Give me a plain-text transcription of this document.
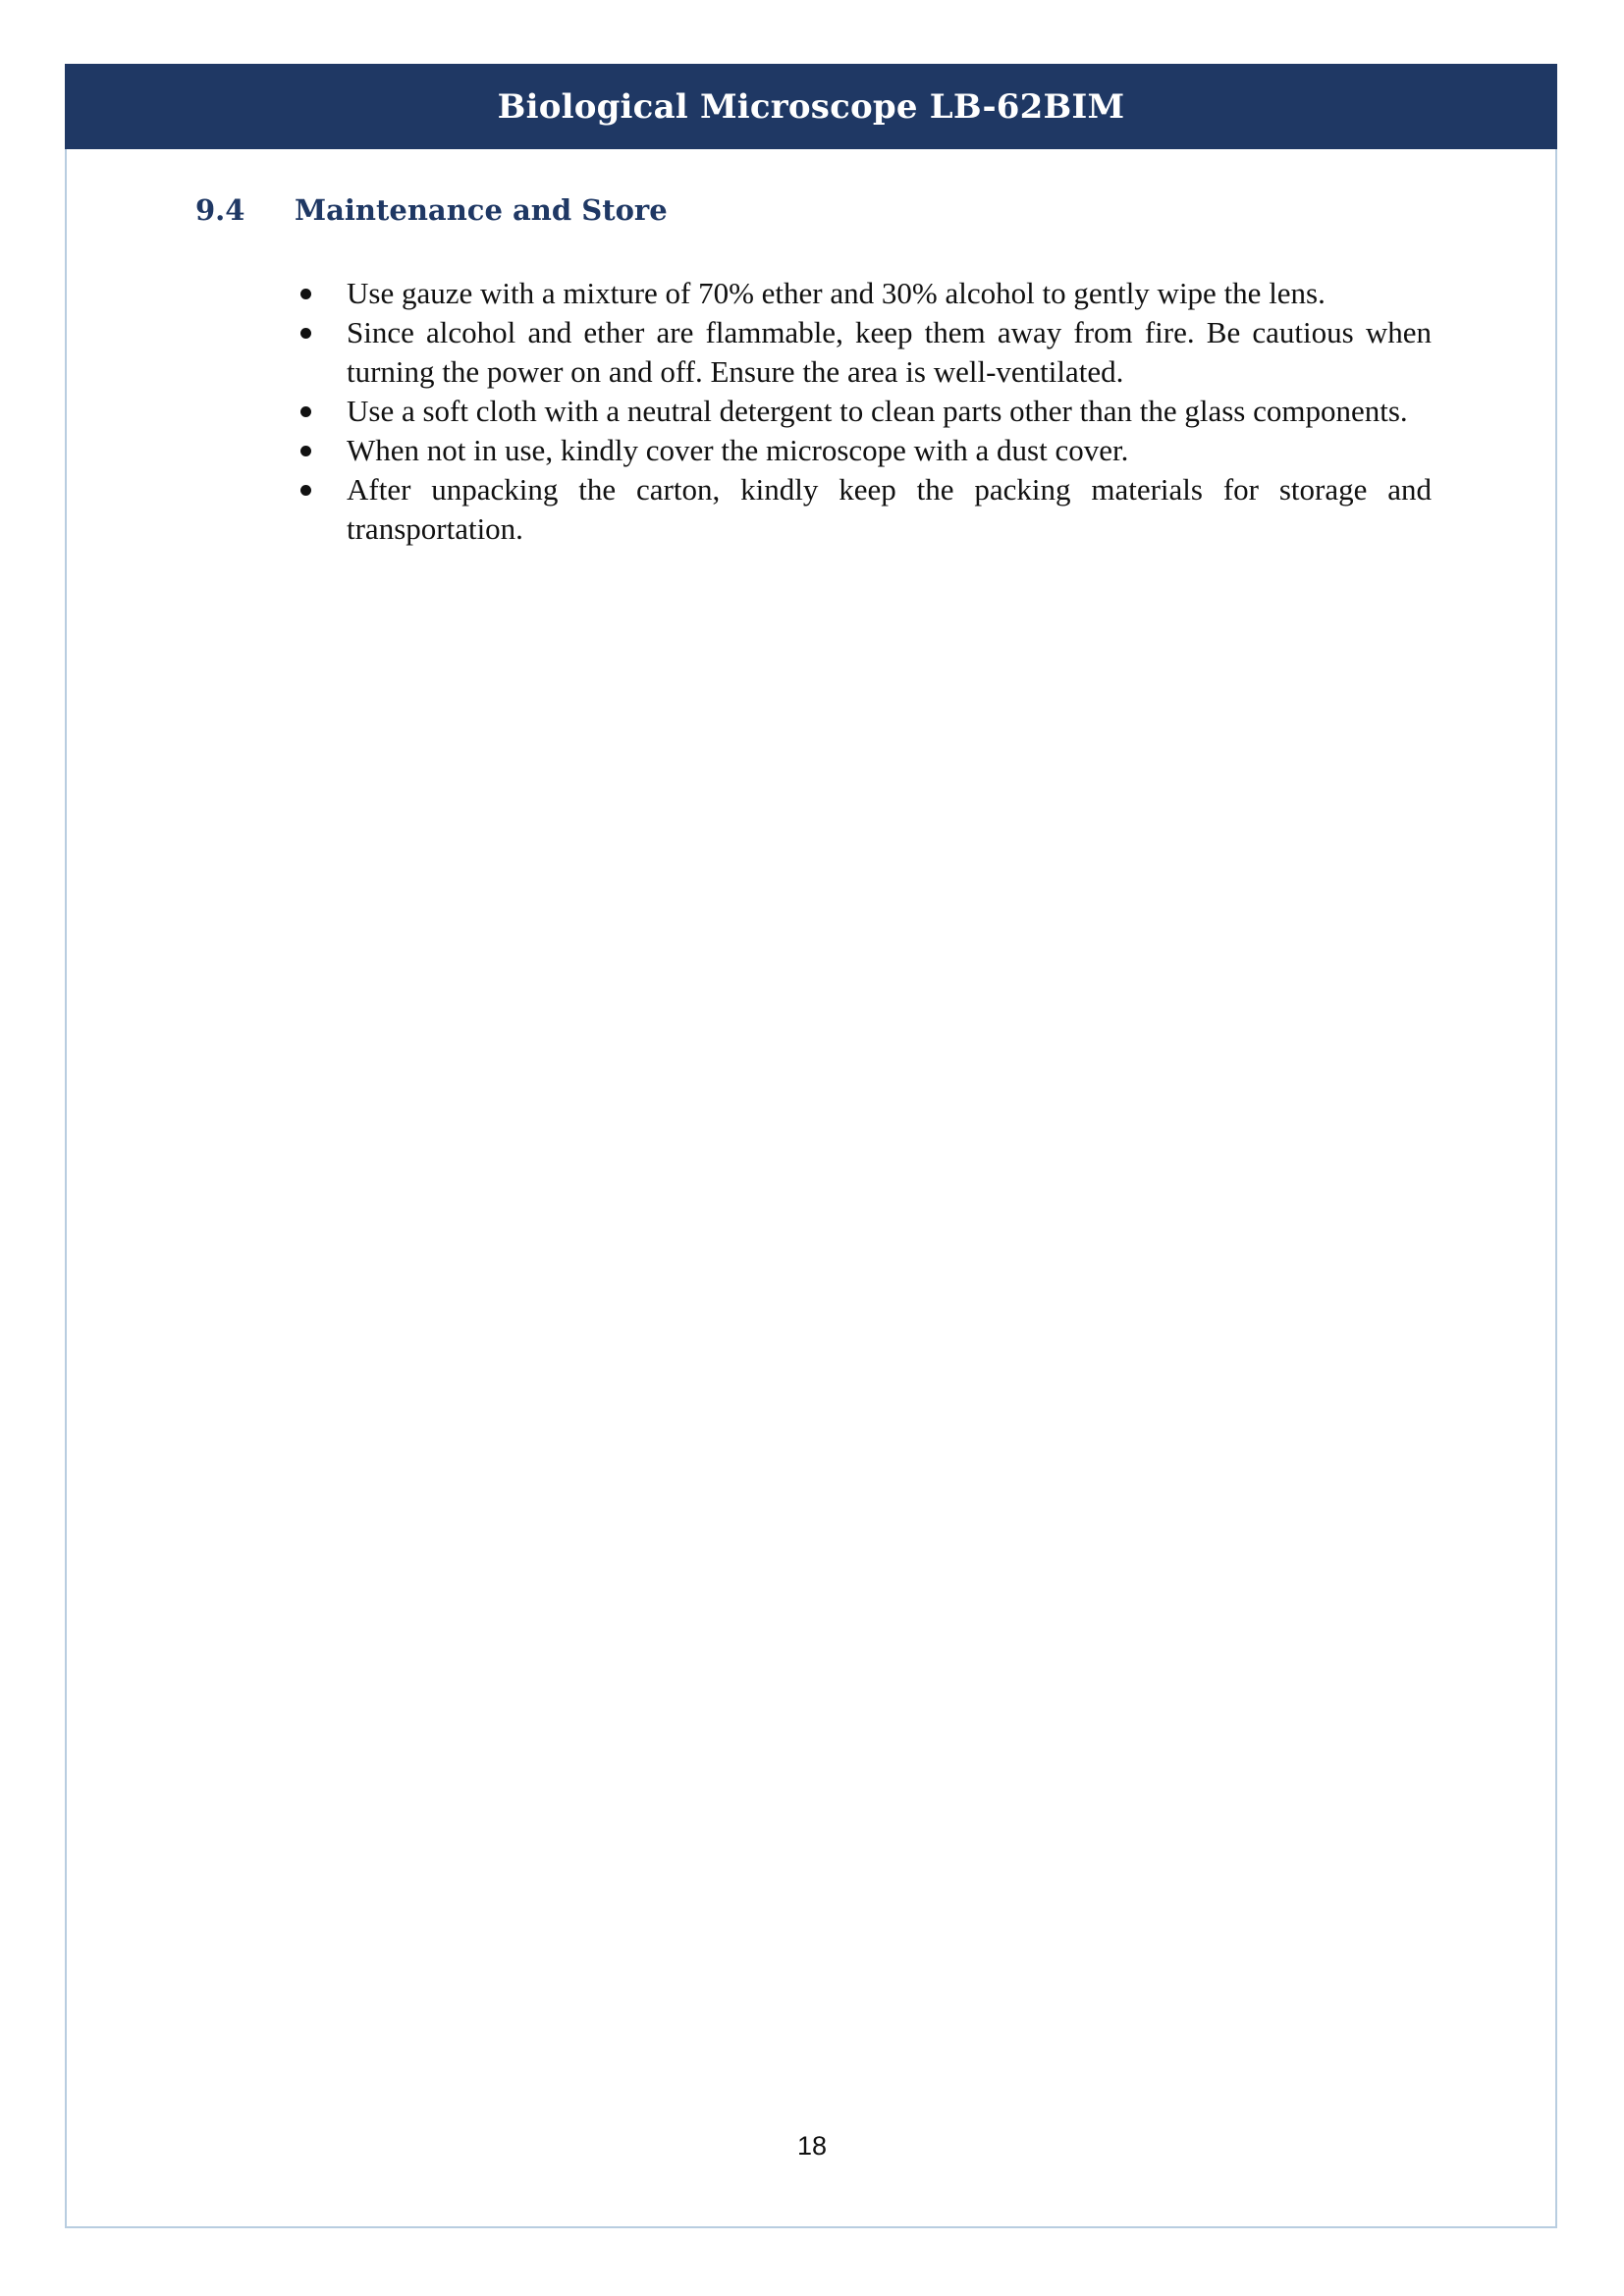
Biological Microscope LB-62BIM
9.4	Maintenance and Store
Use gauze with a mixture of 70% ether and 30% alcohol to gently wipe the lens.
Since alcohol and ether are flammable, keep them away from fire. Be cautious when turning the power on and off. Ensure the area is well-ventilated.
Use a soft cloth with a neutral detergent to clean parts other than the glass components.
When not in use, kindly cover the microscope with a dust cover.
After unpacking the carton, kindly keep the packing materials for storage and transportation.
18
